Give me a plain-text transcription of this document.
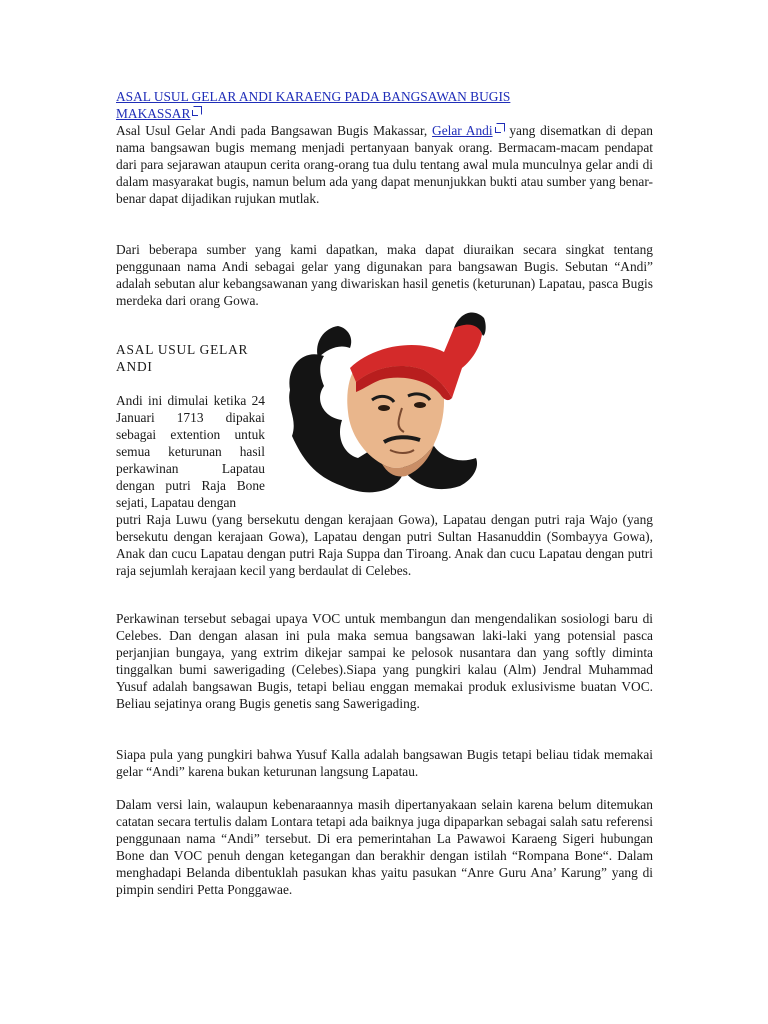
ASAL USUL GELAR ANDI KARAENG PADA BANGSAWAN BUGIS
MAKASSAR

Asal Usul Gelar Andi pada Bangsawan Bugis Makassar, Gelar Andi yang disematkan di depan nama bangsawan bugis memang menjadi pertanyaan banyak orang. Bermacam-macam pendapat dari para sejarawan ataupun cerita orang-orang tua dulu tentang awal mula munculnya gelar andi di dalam masyarakat bugis, namun belum ada yang dapat menunjukkan bukti atau sumber yang benar-benar dapat dijadikan rujukan mutlak.

Dari beberapa sumber yang kami dapatkan, maka dapat diuraikan secara singkat tentang penggunaan nama Andi sebagai gelar yang digunakan para bangsawan Bugis. Sebutan “Andi” adalah sebutan alur kebangsawanan yang diwariskan hasil genetis (keturunan) Lapatau, pasca Bugis merdeka dari orang Gowa.

ASAL USUL GELAR ANDI
Andi ini dimulai ketika 24 Januari 1713 dipakai sebagai extention untuk semua keturunan hasil perkawinan Lapatau dengan putri Raja Bone sejati, Lapatau dengan

putri Raja Luwu (yang bersekutu dengan kerajaan Gowa), Lapatau dengan putri raja Wajo (yang bersekutu dengan kerajaan Gowa), Lapatau dengan putri Sultan Hasanuddin (Sombayya Gowa), Anak dan cucu Lapatau dengan putri Raja Suppa dan Tiroang. Anak dan cucu Lapatau dengan putri raja sejumlah kerajaan kecil yang berdaulat di Celebes.

Perkawinan tersebut sebagai upaya VOC untuk membangun dan mengendalikan sosiologi baru di Celebes. Dan dengan alasan ini pula maka semua bangsawan laki-laki yang potensial pasca perjanjian bungaya, yang extrim dikejar sampai ke pelosok nusantara dan yang softly diminta tinggalkan bumi sawerigading (Celebes).Siapa yang pungkiri kalau (Alm) Jendral Muhammad Yusuf adalah bangsawan Bugis, tetapi beliau enggan memakai produk exlusivisme buatan VOC. Beliau sejatinya orang Bugis genetis sang Sawerigading.

Siapa pula yang pungkiri bahwa Yusuf Kalla adalah bangsawan Bugis tetapi beliau tidak memakai gelar “Andi” karena bukan keturunan langsung Lapatau.

Dalam versi lain, walaupun kebenaraannya masih dipertanyakaan selain karena belum ditemukan catatan secara tertulis dalam Lontara tetapi ada baiknya juga dipaparkan sebagai salah satu referensi penggunaan nama “Andi” tersebut. Di era pemerintahan La Pawawoi Karaeng Sigeri hubungan Bone dan VOC penuh dengan ketegangan dan berakhir dengan istilah “Rompana Bone“. Dalam menghadapi Belanda dibentuklah pasukan khas yaitu pasukan “Anre Guru Ana’ Karung” yang di pimpin sendiri Petta Ponggawae.
